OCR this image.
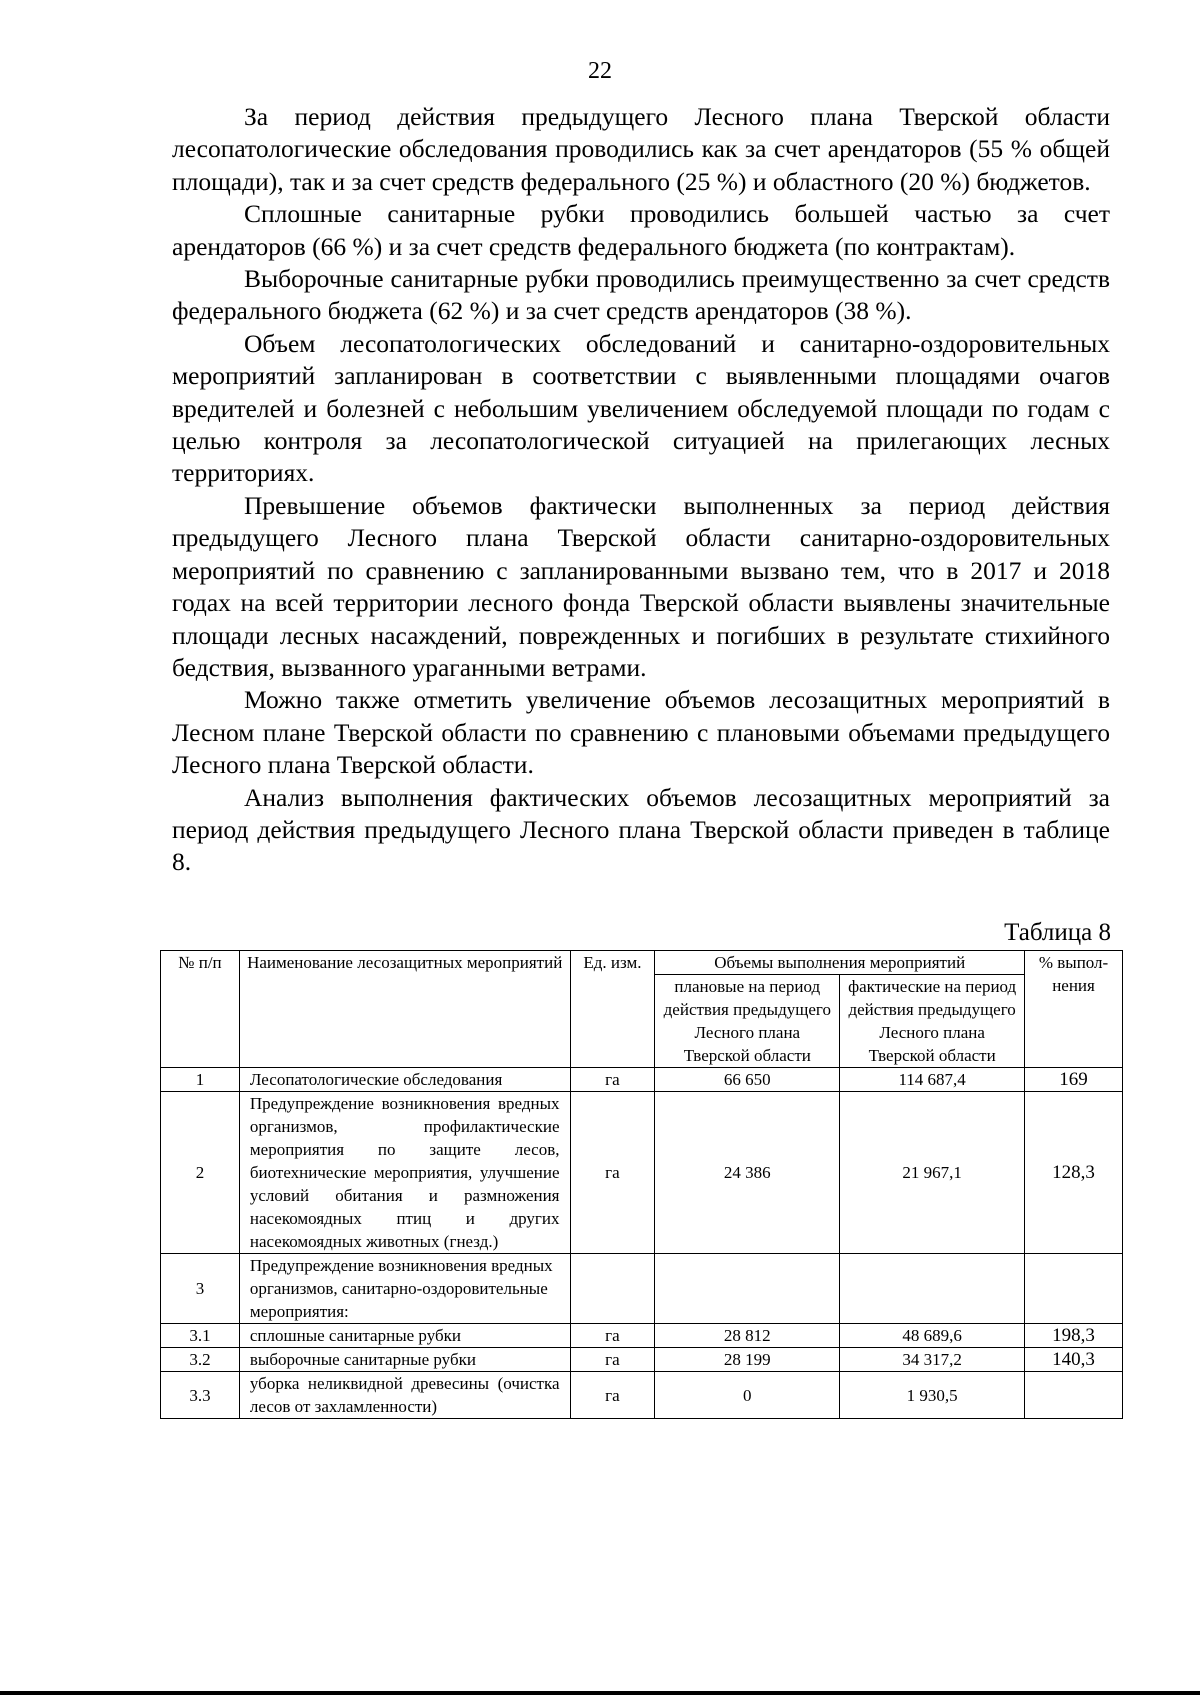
22

За период действия предыдущего Лесного плана Тверской области лесопатологические обследования проводились как за счет арендаторов (55 % общей площади), так и за счет средств федерального (25 %) и областного (20 %) бюджетов.

Сплошные санитарные рубки проводились большей частью за счет арендаторов (66 %) и за счет средств федерального бюджета (по контрактам).

Выборочные санитарные рубки проводились преимущественно за счет средств федерального бюджета (62 %) и за счет средств арендаторов (38 %).

Объем лесопатологических обследований и санитарно-оздоровительных мероприятий запланирован в соответствии с выявленными площадями очагов вредителей и болезней с небольшим увеличением обследуемой площади по годам с целью контроля за лесопатологической ситуацией на прилегающих лесных территориях.

Превышение объемов фактически выполненных за период действия предыдущего Лесного плана Тверской области санитарно-оздоровительных мероприятий по сравнению с запланированными вызвано тем, что в 2017 и 2018 годах на всей территории лесного фонда Тверской области выявлены значительные площади лесных насаждений, поврежденных и погибших в результате стихийного бедствия, вызванного ураганными ветрами.

Можно также отметить увеличение объемов лесозащитных мероприятий в Лесном плане Тверской области по сравнению с плановыми объемами предыдущего Лесного плана Тверской области.

Анализ выполнения фактических объемов лесозащитных мероприятий за период действия предыдущего Лесного плана Тверской области приведен в таблице 8.

Таблица 8
№ п/п	Наименование лесозащитных мероприятий	Ед. изм.	Объемы выполнения мероприятий		% выпол-нения
			плановые на период действия предыдущего Лесного плана Тверской области	фактические на период действия предыдущего Лесного плана Тверской области	
1	Лесопатологические обследования	га	66 650	114 687,4	169
2	Предупреждение возникновения вредных организмов, профилактические мероприятия по защите лесов, биотехнические мероприятия, улучшение условий обитания и размножения насекомоядных птиц и других насекомоядных животных (гнезд.)	га	24 386	21 967,1	128,3
3	Предупреждение возникновения вредных организмов, санитарно-оздоровительные мероприятия:				
3.1	сплошные санитарные рубки	га	28 812	48 689,6	198,3
3.2	выборочные санитарные рубки	га	28 199	34 317,2	140,3
3.3	уборка неликвидной древесины (очистка лесов от захламленности)	га	0	1 930,5	
